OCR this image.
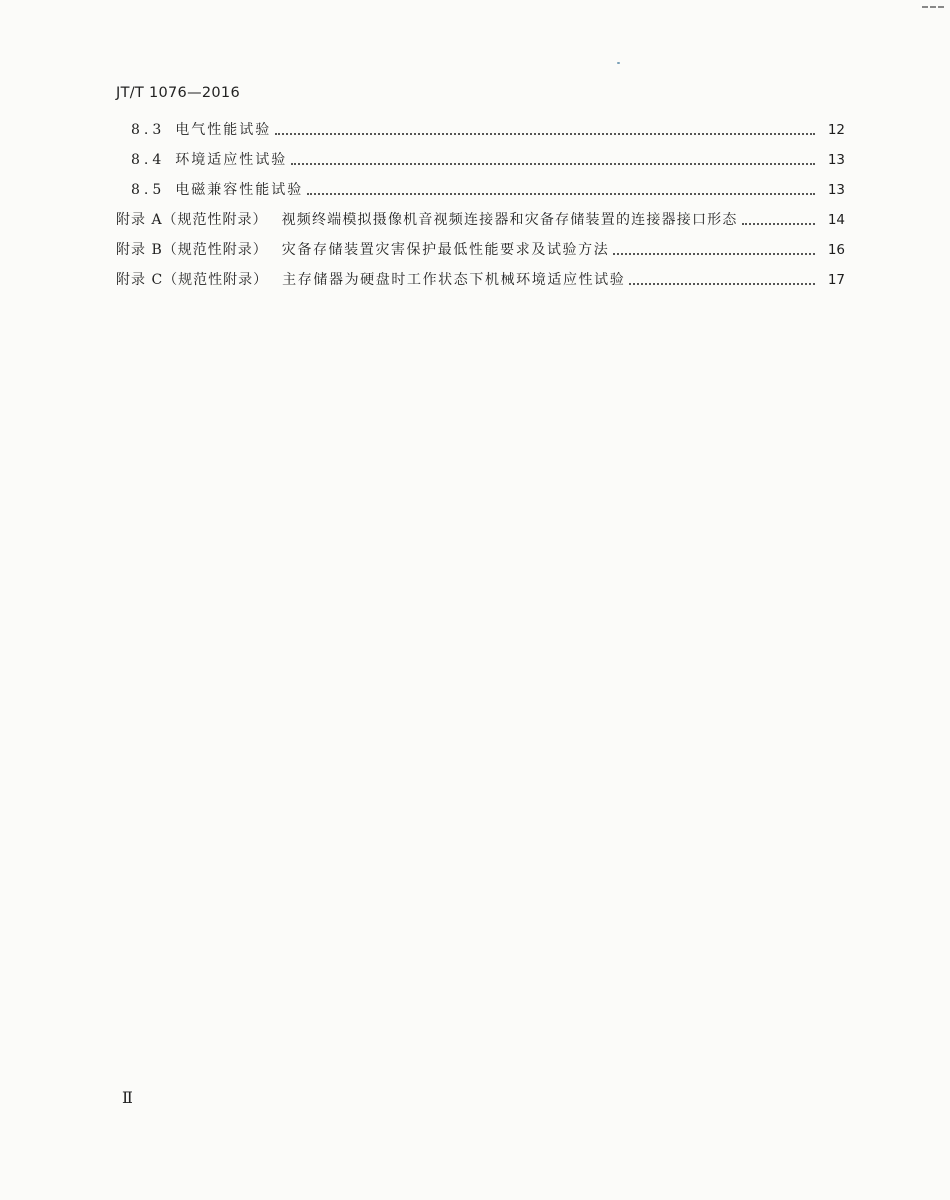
JT/T 1076—2016
8.3 电气性能试验	12
8.4 环境适应性试验	13
8.5 电磁兼容性能试验	13
附录 A（规范性附录） 视频终端模拟摄像机音视频连接器和灾备存储装置的连接器接口形态	14
附录 B（规范性附录） 灾备存储装置灾害保护最低性能要求及试验方法	16
附录 C（规范性附录） 主存储器为硬盘时工作状态下机械环境适应性试验	17
Ⅱ
